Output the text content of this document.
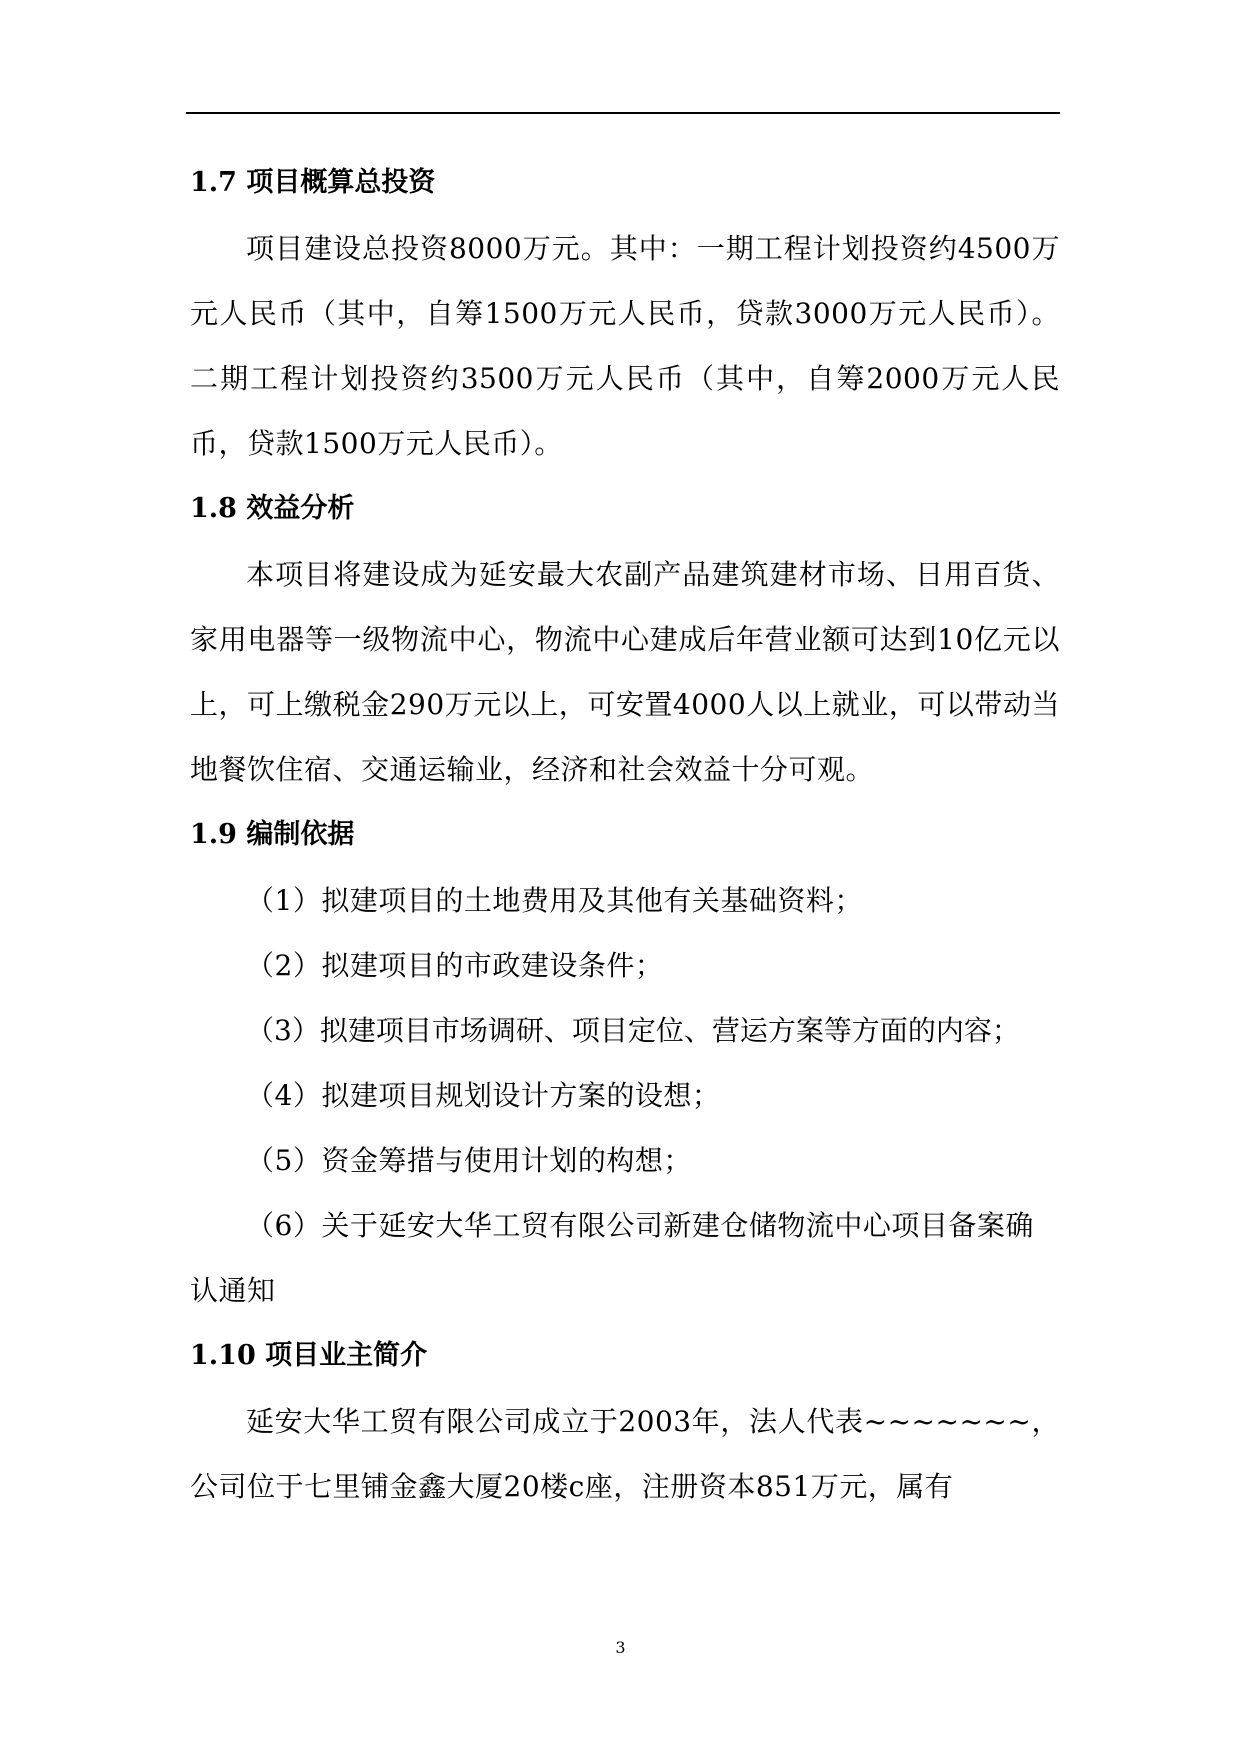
1.7 项目概算总投资

项目建设总投资8000万元。其中：一期工程计划投资约4500万元人民币（其中，自筹1500万元人民币，贷款3000万元人民币）。二期工程计划投资约3500万元人民币（其中，自筹2000万元人民币，贷款1500万元人民币）。

1.8 效益分析

本项目将建设成为延安最大农副产品建筑建材市场、日用百货、家用电器等一级物流中心，物流中心建成后年营业额可达到10亿元以上，可上缴税金290万元以上，可安置4000人以上就业，可以带动当地餐饮住宿、交通运输业，经济和社会效益十分可观。

1.9 编制依据

（1）拟建项目的土地费用及其他有关基础资料；

（2）拟建项目的市政建设条件；

（3）拟建项目市场调研、项目定位、营运方案等方面的内容；

（4）拟建项目规划设计方案的设想；

（5）资金筹措与使用计划的构想；

（6）关于延安大华工贸有限公司新建仓储物流中心项目备案确认通知

1.10 项目业主简介

延安大华工贸有限公司成立于2003年，法人代表~~~~~~~，公司位于七里铺金鑫大厦20楼c座，注册资本851万元，属有

3
